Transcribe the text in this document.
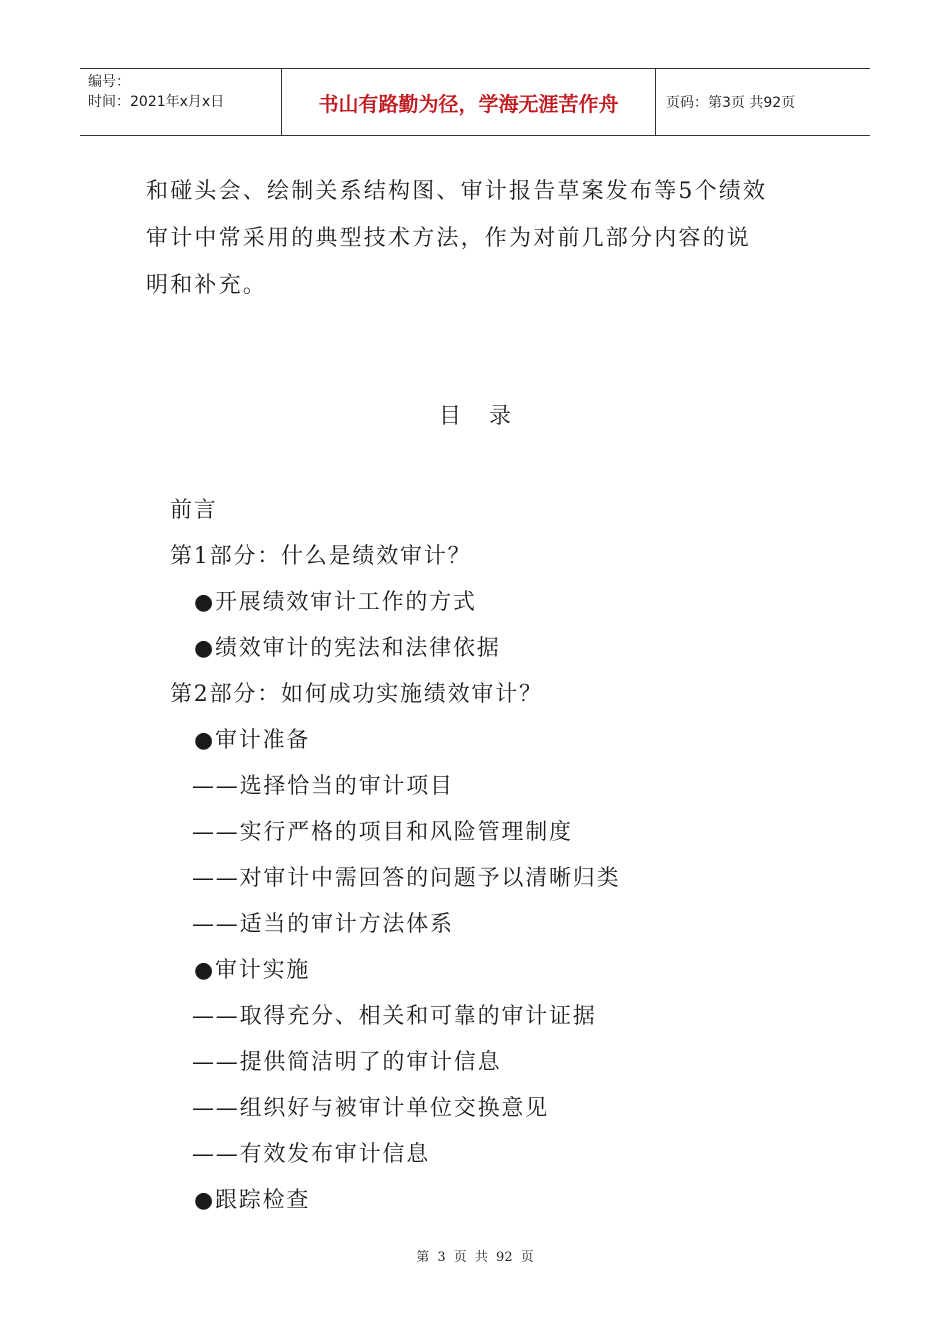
编号：
时间：2021年x月x日	书山有路勤为径，学海无涯苦作舟	页码：第3页 共92页

和碰头会、绘制关系结构图、审计报告草案发布等5个绩效

审计中常采用的典型技术方法，作为对前几部分内容的说

明和补充。

目录
前言
第1部分：什么是绩效审计？
●开展绩效审计工作的方式
●绩效审计的宪法和法律依据
第2部分：如何成功实施绩效审计？
●审计准备
——选择恰当的审计项目
——实行严格的项目和风险管理制度
——对审计中需回答的问题予以清晰归类
——适当的审计方法体系
●审计实施
——取得充分、相关和可靠的审计证据
——提供简洁明了的审计信息
——组织好与被审计单位交换意见
——有效发布审计信息
●跟踪检查
第 3 页 共 92 页
